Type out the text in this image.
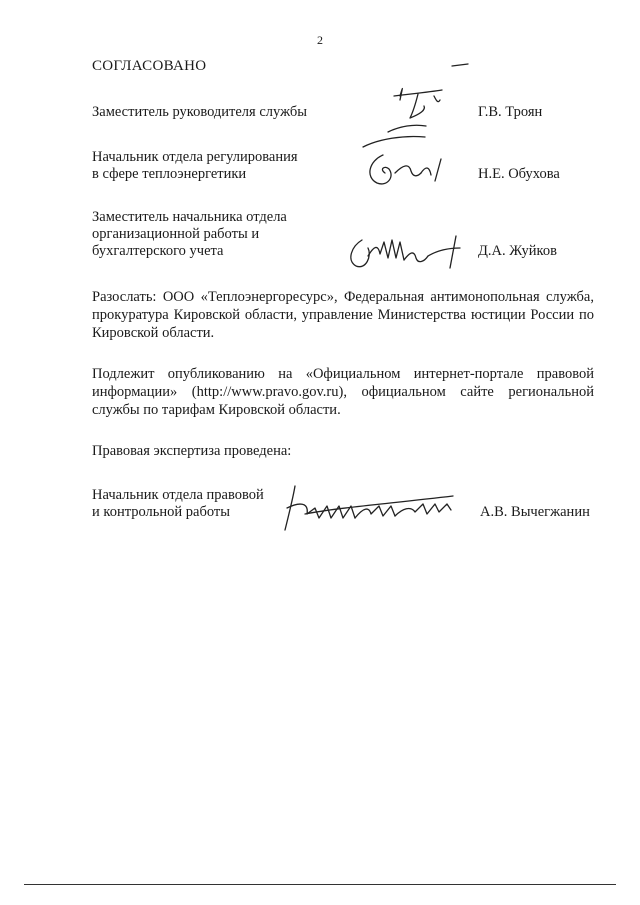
2
СОГЛАСОВАНО
Заместитель руководителя службы	Г.В. Троян
Начальник отдела регулирования
в сфере теплоэнергетики	Н.Е. Обухова
Заместитель начальника отдела
организационной работы и
бухгалтерского учета	Д.А. Жуйков
Разослать: ООО «Теплоэнергоресурс», Федеральная антимонопольная служба, прокуратура Кировской области, управление Министерства юстиции России по Кировской области.
Подлежит опубликованию на «Официальном интернет-портале правовой информации» (http://www.pravo.gov.ru), официальном сайте региональной службы по тарифам Кировской области.
Правовая экспертиза проведена:
Начальник отдела правовой
и контрольной работы	А.В. Вычегжанин
